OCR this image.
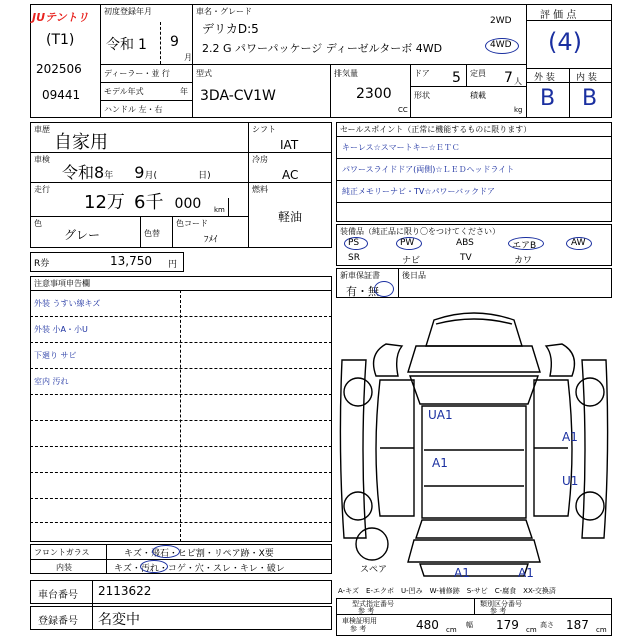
JUテントリ
(T1)
202506
09441
初度登録年月
令和 1 9
月
車名・グレード
デリカD:5
2.2 G パワーパッケージ ディーゼルターボ 4WD
2WD
4WD
評 価 点
(4)
外 装 内 装
B B
ディーラー・並 行
モデル年式	年
ハンドル 左・右
型式
3DA-CV1W
排気量
2300
CC
ドア 5 定員 7 人
形状	積載
kg
車歴
自家用
車検
令和8年 9月(	日)
走行
12万 6千 000 km
色
グレー	色替
色コード
ﾌﾒｲ
シフト
IAT
冷房
AC
燃料
軽油
R券	13,750 円
セールスポイント（正常に機能するものに限ります）
キーレス☆スマートキー☆ＥＴＣ
パワースライドドア(両側)☆ＬＥＤヘッドライト
純正メモリーナビ・TV☆パワーバックドア
装備品（純正品に限り〇をつけてください）
PS	PW	ABS	エアB	AW
SR	ナビ	TV	カワ
新車保証書
有・無
後日品
注意事項申告欄
外装 うすい線キズ
外装 小A・小U
下廻り サビ
室内 汚れ
UA1
A1
A1
U1
A1	A1
スペア
フロントガラス	キズ・飛石・ヒビ割・リペア跡・X要
内装	キズ・汚れ・コゲ・穴・スレ・キレ・破レ
A-キズ　E-エクボ　U-凹み　W-補修跡　S-サビ　C-腐食　XX-交換済
車台番号 2113622
登録番号 名変中
型式指定番号
参 考
類別区分番号
参 考
車検証明用
参 考	480 cm
幅 179 cm
高さ 187 cm
